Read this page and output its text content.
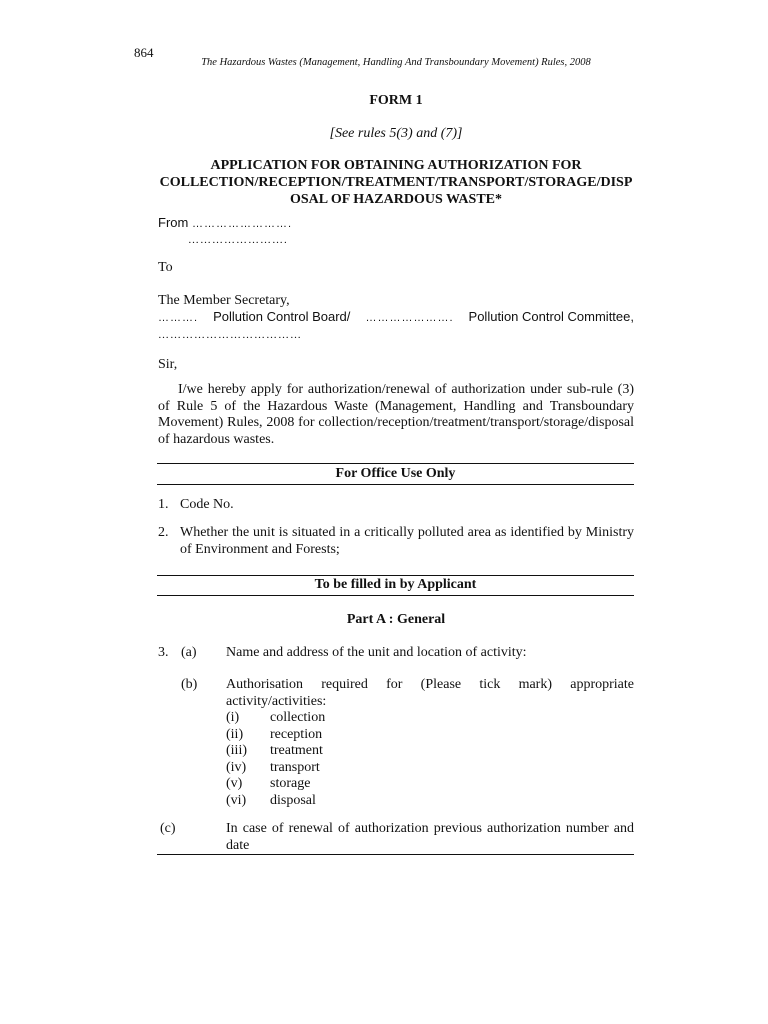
864
The Hazardous Wastes (Management, Handling And Transboundary Movement) Rules, 2008
FORM 1
[See rules 5(3) and (7)]
APPLICATION FOR OBTAINING AUTHORIZATION FOR
COLLECTION/RECEPTION/TREATMENT/TRANSPORT/STORAGE/DISP
OSAL OF HAZARDOUS WASTE*
From …………………….
…………………….
To
The Member Secretary,
………. Pollution Control Board/ …………………. Pollution Control Committee,
………………………………
Sir,
I/we hereby apply for authorization/renewal of authorization under sub-rule (3) of Rule 5 of the Hazardous Waste (Management, Handling and Transboundary Movement) Rules, 2008 for collection/reception/treatment/transport/storage/disposal of hazardous wastes.
For Office Use Only
1. Code No.
2. Whether the unit is situated in a critically polluted area as identified by Ministry of Environment and Forests;
To be filled in by Applicant
Part A : General
3. (a) Name and address of the unit and location of activity:
(b) Authorisation required for (Please tick mark) appropriate activity/activities:
(i) collection
(ii) reception
(iii) treatment
(iv) transport
(v) storage
(vi) disposal
(c)	In case of renewal of authorization previous authorization number and date
